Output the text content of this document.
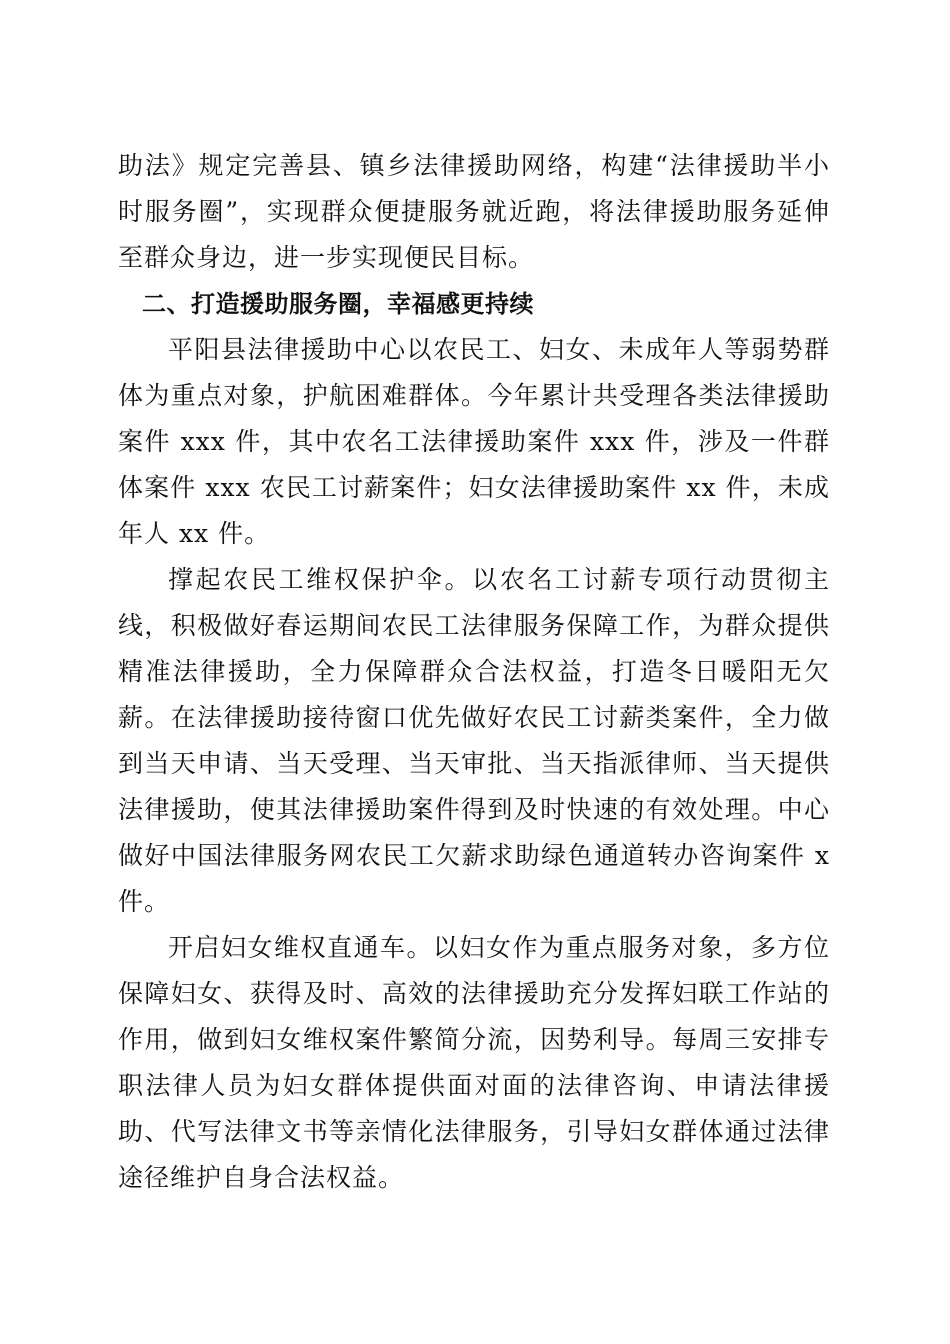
助法》规定完善县、镇乡法律援助网络，构建“法律援助半小时服务圈”，实现群众便捷服务就近跑，将法律援助服务延伸至群众身边，进一步实现便民目标。

二、打造援助服务圈，幸福感更持续

平阳县法律援助中心以农民工、妇女、未成年人等弱势群体为重点对象，护航困难群体。今年累计共受理各类法律援助案件 xxx 件，其中农名工法律援助案件 xxx 件，涉及一件群体案件 xxx 农民工讨薪案件；妇女法律援助案件 xx 件，未成年人 xx 件。

撑起农民工维权保护伞。以农名工讨薪专项行动贯彻主线，积极做好春运期间农民工法律服务保障工作，为群众提供精准法律援助，全力保障群众合法权益，打造冬日暖阳无欠薪。在法律援助接待窗口优先做好农民工讨薪类案件，全力做到当天申请、当天受理、当天审批、当天指派律师、当天提供法律援助，使其法律援助案件得到及时快速的有效处理。中心做好中国法律服务网农民工欠薪求助绿色通道转办咨询案件 x 件。

开启妇女维权直通车。以妇女作为重点服务对象，多方位保障妇女、获得及时、高效的法律援助充分发挥妇联工作站的作用，做到妇女维权案件繁简分流，因势利导。每周三安排专职法律人员为妇女群体提供面对面的法律咨询、申请法律援助、代写法律文书等亲情化法律服务，引导妇女群体通过法律途径维护自身合法权益。
